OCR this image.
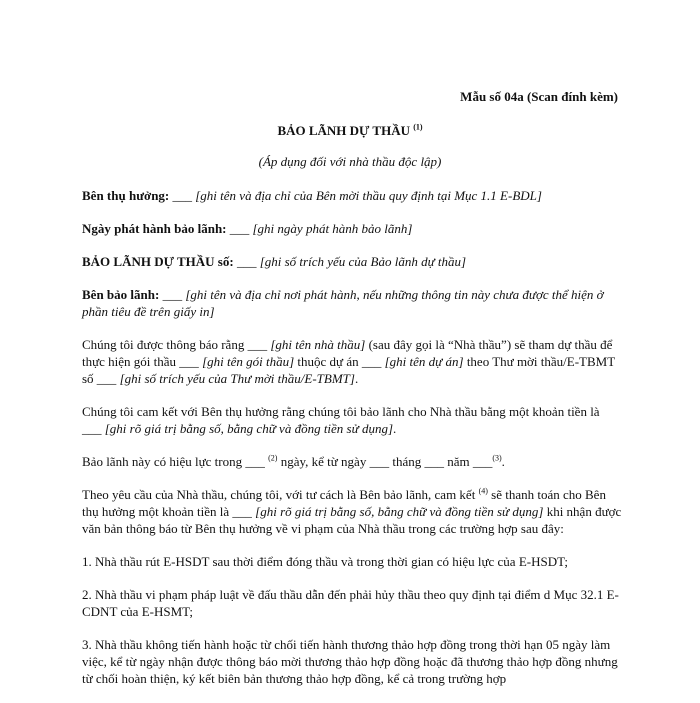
Mẫu số 04a (Scan đính kèm)
BẢO LÃNH DỰ THẦU $^{(1)}$
(Áp dụng đối với nhà thầu độc lập)

Bên thụ hưởng: ___ [ghi tên và địa chỉ của Bên mời thầu quy định tại Mục 1.1 E-BDL]

Ngày phát hành bảo lãnh: ___ [ghi ngày phát hành bảo lãnh]

BẢO LÃNH DỰ THẦU số: ___ [ghi số trích yếu của Bảo lãnh dự thầu]

Bên bảo lãnh: ___ [ghi tên và địa chỉ nơi phát hành, nếu những thông tin này chưa được thể hiện ở phần tiêu đề trên giấy in]

Chúng tôi được thông báo rằng ___ [ghi tên nhà thầu] (sau đây gọi là “Nhà thầu”) sẽ tham dự thầu để thực hiện gói thầu ___ [ghi tên gói thầu] thuộc dự án ___ [ghi tên dự án] theo Thư mời thầu/E-TBMT số ___ [ghi số trích yếu của Thư mời thầu/E-TBMT].

Chúng tôi cam kết với Bên thụ hưởng rằng chúng tôi bảo lãnh cho Nhà thầu bằng một khoản tiền là ___ [ghi rõ giá trị bằng số, bằng chữ và đồng tiền sử dụng].

Bảo lãnh này có hiệu lực trong ___ $^{(2)}$ ngày, kể từ ngày ___ tháng ___ năm ___$^{(3)}$.

Theo yêu cầu của Nhà thầu, chúng tôi, với tư cách là Bên bảo lãnh, cam kết $^{(4)}$ sẽ thanh toán cho Bên thụ hưởng một khoản tiền là ___ [ghi rõ giá trị bằng số, bằng chữ và đồng tiền sử dụng] khi nhận được văn bản thông báo từ Bên thụ hưởng về vi phạm của Nhà thầu trong các trường hợp sau đây:

1. Nhà thầu rút E-HSDT sau thời điểm đóng thầu và trong thời gian có hiệu lực của E-HSDT;

2. Nhà thầu vi phạm pháp luật về đấu thầu dẫn đến phải hủy thầu theo quy định tại điểm d Mục 32.1 E-CDNT của E-HSMT;

3. Nhà thầu không tiến hành hoặc từ chối tiến hành thương thảo hợp đồng trong thời hạn 05 ngày làm việc, kể từ ngày nhận được thông báo mời thương thảo hợp đồng hoặc đã thương thảo hợp đồng nhưng từ chối hoàn thiện, ký kết biên bản thương thảo hợp đồng, kể cả trong trường hợp
